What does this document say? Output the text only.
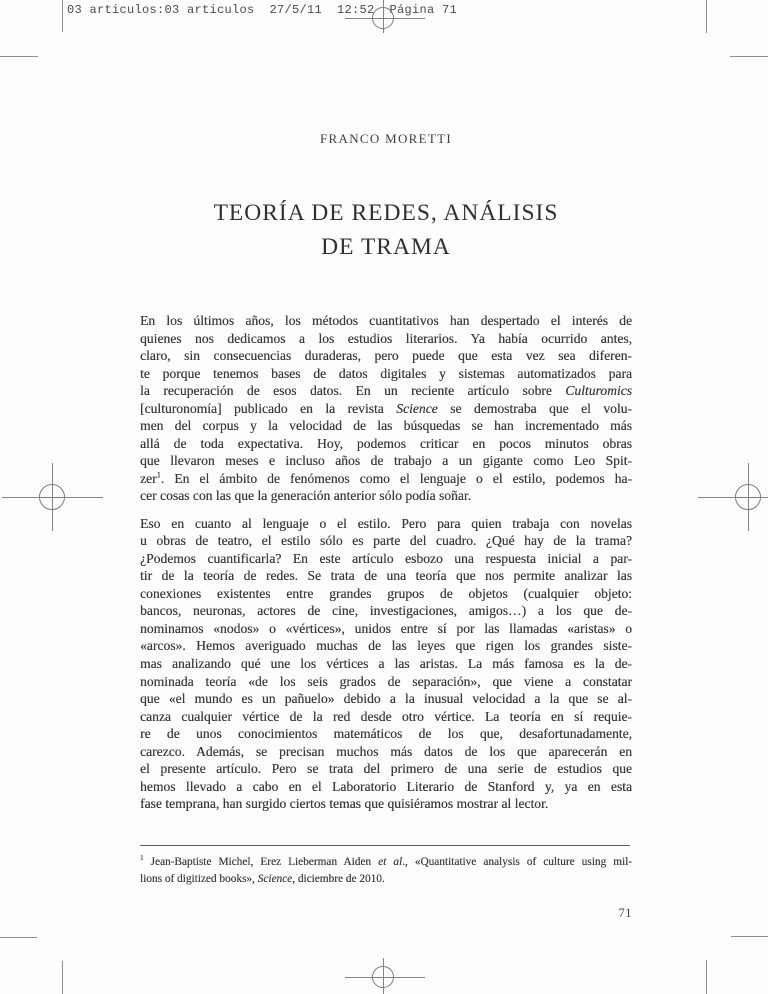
03 articulos:03 articulos  27/5/11  12:52  Página 71
FRANCO MORETTI
TEORÍA DE REDES, ANÁLISIS
DE TRAMA
En los últimos años, los métodos cuantitativos han despertado el interés de
quienes nos dedicamos a los estudios literarios. Ya había ocurrido antes,
claro, sin consecuencias duraderas, pero puede que esta vez sea diferen-
te porque tenemos bases de datos digitales y sistemas automatizados para
la recuperación de esos datos. En un reciente artículo sobre Culturomics
[culturonomía] publicado en la revista Science se demostraba que el volu-
men del corpus y la velocidad de las búsquedas se han incrementado más
allá de toda expectativa. Hoy, podemos criticar en pocos minutos obras
que llevaron meses e incluso años de trabajo a un gigante como Leo Spit-
zer$^1$. En el ámbito de fenómenos como el lenguaje o el estilo, podemos ha-
cer cosas con las que la generación anterior sólo podía soñar.
Eso en cuanto al lenguaje o el estilo. Pero para quien trabaja con novelas
u obras de teatro, el estilo sólo es parte del cuadro. ¿Qué hay de la trama?
¿Podemos cuantificarla? En este artículo esbozo una respuesta inicial a par-
tir de la teoría de redes. Se trata de una teoría que nos permite analizar las
conexiones existentes entre grandes grupos de objetos (cualquier objeto:
bancos, neuronas, actores de cine, investigaciones, amigos…) a los que de-
nominamos «nodos» o «vértices», unidos entre sí por las llamadas «aristas» o
«arcos». Hemos averiguado muchas de las leyes que rigen los grandes siste-
mas analizando qué une los vértices a las aristas. La más famosa es la de-
nominada teoría «de los seis grados de separación», que viene a constatar
que «el mundo es un pañuelo» debido a la inusual velocidad a la que se al-
canza cualquier vértice de la red desde otro vértice. La teoría en sí requie-
re de unos conocimientos matemáticos de los que, desafortunadamente,
carezco. Además, se precisan muchos más datos de los que aparecerán en
el presente artículo. Pero se trata del primero de una serie de estudios que
hemos llevado a cabo en el Laboratorio Literario de Stanford y, ya en esta
fase temprana, han surgido ciertos temas que quisiéramos mostrar al lector.
$^1$ Jean-Baptiste Michel, Erez Lieberman Aiden et al., «Quantitative analysis of culture using mil-
lions of digitized books», Science, diciembre de 2010.
71
